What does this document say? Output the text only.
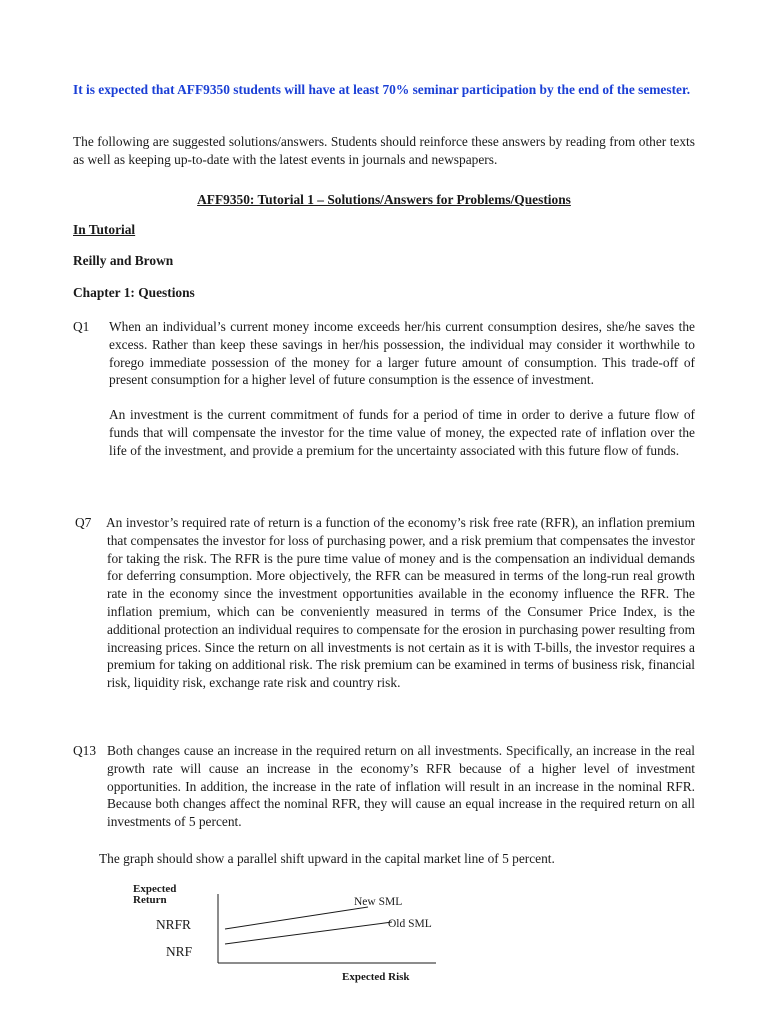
It is expected that AFF9350 students will have at least 70% seminar participation by the end of the semester.
The following are suggested solutions/answers. Students should reinforce these answers by reading from other texts as well as keeping up-to-date with the latest events in journals and newspapers.
AFF9350: Tutorial 1 – Solutions/Answers for Problems/Questions
In Tutorial
Reilly and Brown
Chapter 1: Questions
Q1 When an individual’s current money income exceeds her/his current consumption desires, she/he saves the excess. Rather than keep these savings in her/his possession, the individual may consider it worthwhile to forego immediate possession of the money for a larger future amount of consumption. This trade-off of present consumption for a higher level of future consumption is the essence of investment.
An investment is the current commitment of funds for a period of time in order to derive a future flow of funds that will compensate the investor for the time value of money, the expected rate of inflation over the life of the investment, and provide a premium for the uncertainty associated with this future flow of funds.
Q7 An investor’s required rate of return is a function of the economy’s risk free rate (RFR), an inflation premium that compensates the investor for loss of purchasing power, and a risk premium that compensates the investor for taking the risk. The RFR is the pure time value of money and is the compensation an individual demands for deferring consumption. More objectively, the RFR can be measured in terms of the long-run real growth rate in the economy since the investment opportunities available in the economy influence the RFR. The inflation premium, which can be conveniently measured in terms of the Consumer Price Index, is the additional protection an individual requires to compensate for the erosion in purchasing power resulting from increasing prices. Since the return on all investments is not certain as it is with T-bills, the investor requires a premium for taking on additional risk. The risk premium can be examined in terms of business risk, financial risk, liquidity risk, exchange rate risk and country risk.
Q13 Both changes cause an increase in the required return on all investments. Specifically, an increase in the real growth rate will cause an increase in the economy’s RFR because of a higher level of investment opportunities. In addition, the increase in the rate of inflation will result in an increase in the nominal RFR. Because both changes affect the nominal RFR, they will cause an equal increase in the required return on all investments of 5 percent.
The graph should show a parallel shift upward in the capital market line of 5 percent.
Expected
Return
NRFR
NRF
New SML
Old SML
Expected Risk
